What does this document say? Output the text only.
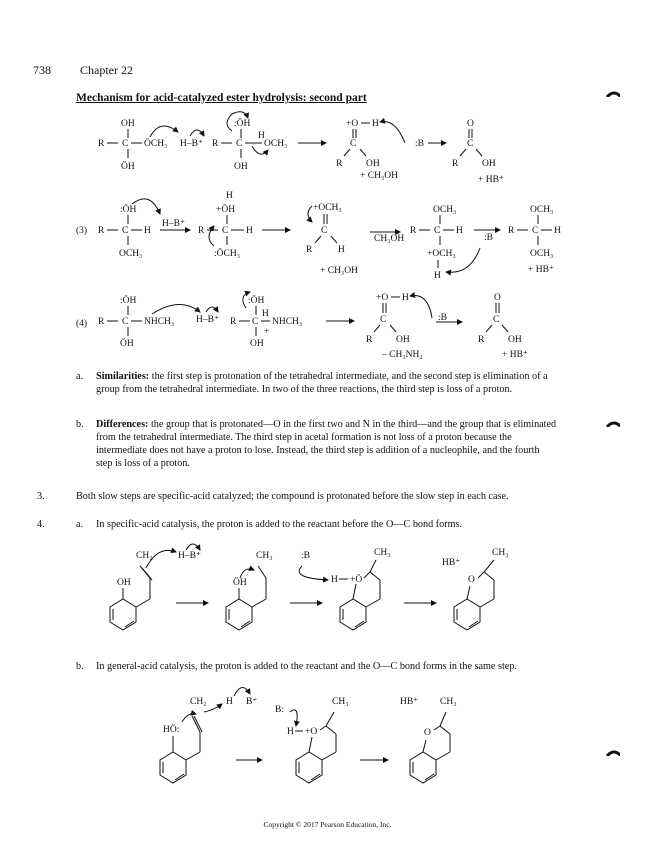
738 Chapter 22
Mechanism for acid-catalyzed ester hydrolysis: second part
OH
R C ÖCH₃
ÖH
H–B⁺
:ÖH
H
R C OCH₃
OH
+O H
C
R OH
+ CH₃OH
:B
O
C
R OH
+ HB⁺
(3)
:ÖH
R C H
OCH₃
H–B⁺
H
+ÖH
R C H
:ÖCH₃
+OCH₃
C
R	H
+ CH₃OH
CH₃OH
OCH₃
R C H
+OCH₃
H
:B
OCH₃
R C H
OCH₃
+ HB⁺
(4)
:ÖH
R C NHCH₃
ÖH
H–B⁺
:ÖH
H
R C NHCH₃
+
OH
+O H
C
R OH
– CH₃NH₂
:B
O
C
R OH
+ HB⁺
a.	Similarities: the first step is protonation of the tetrahedral intermediate, and the second step is elimination of a group from the tetrahedral intermediate. In two of the three reactions, the third step is loss of a proton.
b.	Differences: the group that is protonated—O in the first two and N in the third—and the group that is eliminated from the tetrahedral intermediate. The third step in acetal formation is not loss of a proton because the intermediate does not have a proton to lose. Instead, the third step is addition of a nucleophile, and the fourth step is loss of a proton.
3.	Both slow steps are specific-acid catalyzed; the compound is protonated before the slow step in each case.
4.	a.	In specific-acid catalysis, the proton is added to the reactant before the O—C bond forms.
OH
CH₂	H–B⁺
ÖH
CH₃
+Ö
H
CH₃
:B
HB⁺
O
CH₃
b.	In general-acid catalysis, the proton is added to the reactant and the O—C bond forms in the same step.
HÖ:
CH₂ H B⁺
+O
H
CH₃
B:
HB⁺
O
CH₃
Copyright © 2017 Pearson Education, Inc.
